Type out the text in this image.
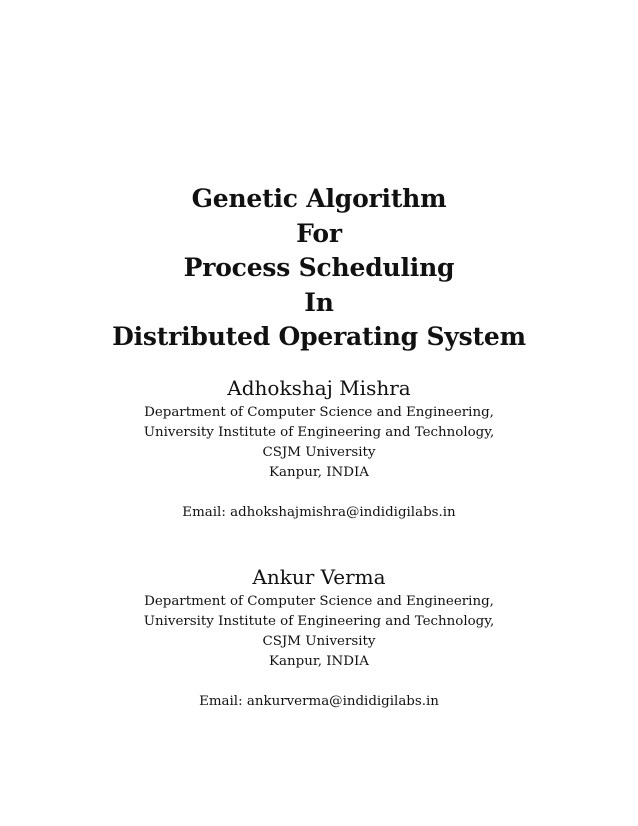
Genetic Algorithm
For
Process Scheduling
In
Distributed Operating System
Adhokshaj Mishra
Department of Computer Science and Engineering,
University Institute of Engineering and Technology,
CSJM University
Kanpur, INDIA
Email: adhokshajmishra@indidigilabs.in
Ankur Verma
Department of Computer Science and Engineering,
University Institute of Engineering and Technology,
CSJM University
Kanpur, INDIA
Email: ankurverma@indidigilabs.in
